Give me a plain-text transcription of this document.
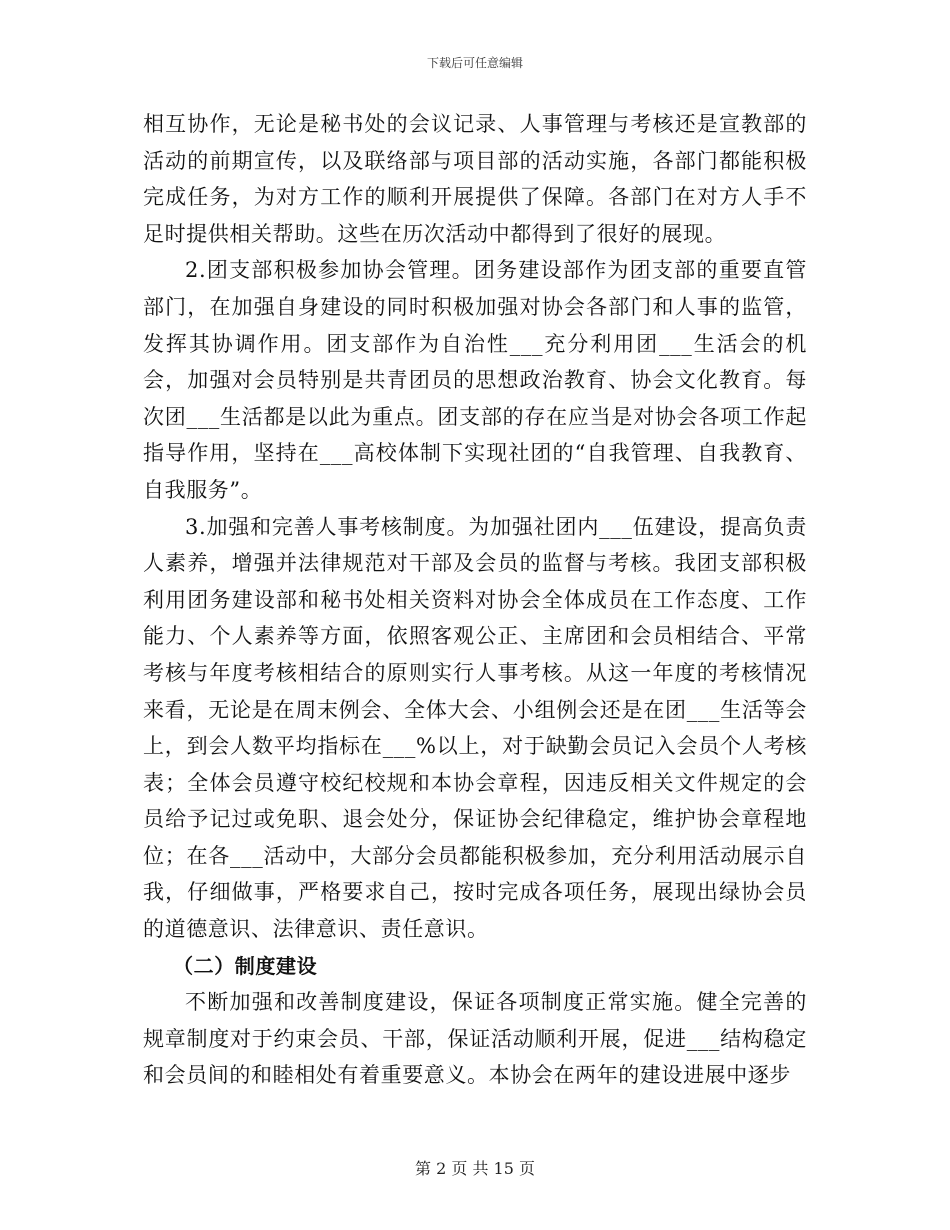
下载后可任意编辑

相互协作，无论是秘书处的会议记录、人事管理与考核还是宣教部的活动的前期宣传，以及联络部与项目部的活动实施，各部门都能积极完成任务，为对方工作的顺利开展提供了保障。各部门在对方人手不足时提供相关帮助。这些在历次活动中都得到了很好的展现。

2.团支部积极参加协会管理。团务建设部作为团支部的重要直管部门，在加强自身建设的同时积极加强对协会各部门和人事的监管，发挥其协调作用。团支部作为自治性___充分利用团___生活会的机会，加强对会员特别是共青团员的思想政治教育、协会文化教育。每次团___生活都是以此为重点。团支部的存在应当是对协会各项工作起指导作用，坚持在___高校体制下实现社团的“自我管理、自我教育、自我服务”。

3.加强和完善人事考核制度。为加强社团内___伍建设，提高负责人素养，增强并法律规范对干部及会员的监督与考核。我团支部积极利用团务建设部和秘书处相关资料对协会全体成员在工作态度、工作能力、个人素养等方面，依照客观公正、主席团和会员相结合、平常考核与年度考核相结合的原则实行人事考核。从这一年度的考核情况来看，无论是在周末例会、全体大会、小组例会还是在团___生活等会上，到会人数平均指标在___%以上，对于缺勤会员记入会员个人考核表；全体会员遵守校纪校规和本协会章程，因违反相关文件规定的会员给予记过或免职、退会处分，保证协会纪律稳定，维护协会章程地位；在各___活动中，大部分会员都能积极参加，充分利用活动展示自我，仔细做事，严格要求自己，按时完成各项任务，展现出绿协会员的道德意识、法律意识、责任意识。

（二）制度建设

不断加强和改善制度建设，保证各项制度正常实施。健全完善的规章制度对于约束会员、干部，保证活动顺利开展，促进___结构稳定和会员间的和睦相处有着重要意义。本协会在两年的建设进展中逐步

第 2 页 共 15 页
